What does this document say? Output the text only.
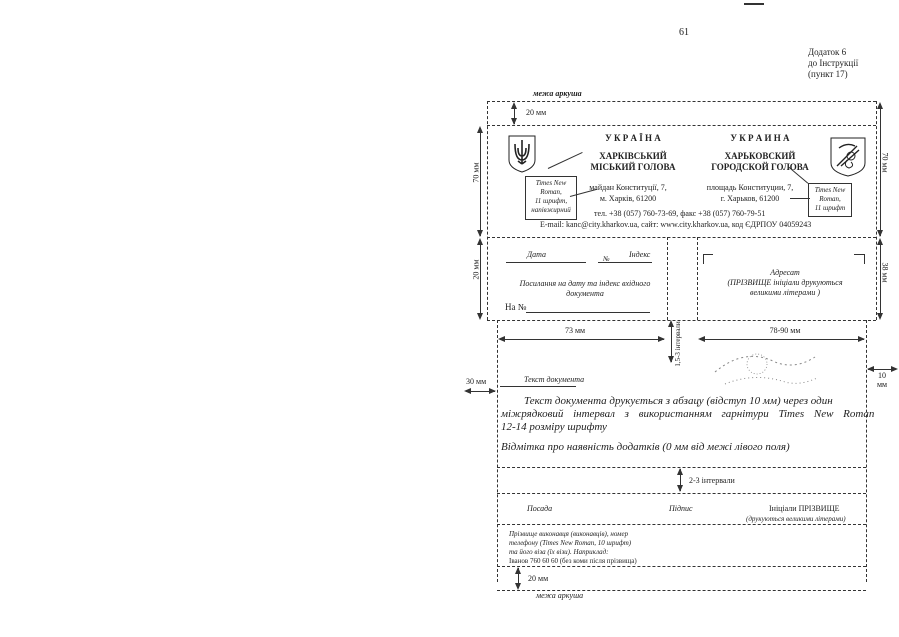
61
Додаток 6
до Інструкції
(пункт 17)
межа аркуша
20 мм
70 мм
20 мм
70 мм
38 мм
У К Р А Ї Н А
ХАРКІВСЬКИЙ
МІСЬКИЙ ГОЛОВА
майдан Конституції, 7,
м. Харків, 61200
У К Р А И Н А
ХАРЬКОВСКИЙ
ГОРОДСКОЙ ГОЛОВА
площадь Конституции, 7,
г. Харьков, 61200
тел. +38 (057) 760-73-69, факс +38 (057) 760-79-51
E-mail: kanc@city.kharkov.ua, сайт: www.city.kharkov.ua, код ЄДРПОУ 04059243
Times New
Roman,
11 шрифт,
напівжирний
Times New
Roman,
11 шрифт
Дата	№ Індекс
Посилання на дату та індекс вхідного
документа
На №
Адресат
(ПРІЗВИЩЕ ініціали друкуються
великими літерами )
73 мм	1,5-3 інтервали	78-90 мм
30 мм
10 мм
Текст документа
Текст документа друкується з абзацу (відступ 10 мм) через один
міжрядковий інтервал з використанням гарнітури Times New Roman
12-14 розміру шрифту
Відмітка про наявність додатків (0 мм від межі лівого поля)
2-3 інтервали
Посада	Підпис	Ініціали ПРІЗВИЩЕ
(друкуються великими літерами)
Прізвище виконавця (виконавців), номер
телефону (Times New Roman, 10 шрифт)
та його віза (їх візи). Наприклад:
Іванов 760 60 60 (без коми після прізвища)
20 мм
межа аркуша
